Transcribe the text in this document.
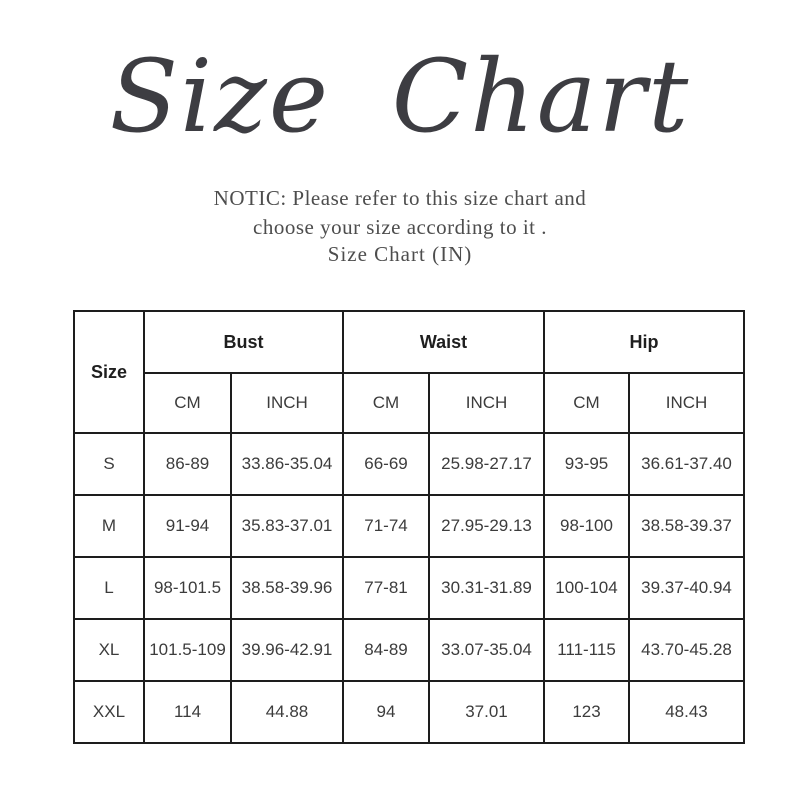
Size Chart
NOTIC: Please refer to this size chart and
choose your size according to it .
Size Chart (IN)
Size	Bust		Waist		Hip	
	CM	INCH	CM	INCH	CM	INCH
S	86-89	33.86-35.04	66-69	25.98-27.17	93-95	36.61-37.40
M	91-94	35.83-37.01	71-74	27.95-29.13	98-100	38.58-39.37
L	98-101.5	38.58-39.96	77-81	30.31-31.89	100-104	39.37-40.94
XL	101.5-109	39.96-42.91	84-89	33.07-35.04	111-115	43.70-45.28
XXL	114	44.88	94	37.01	123	48.43
